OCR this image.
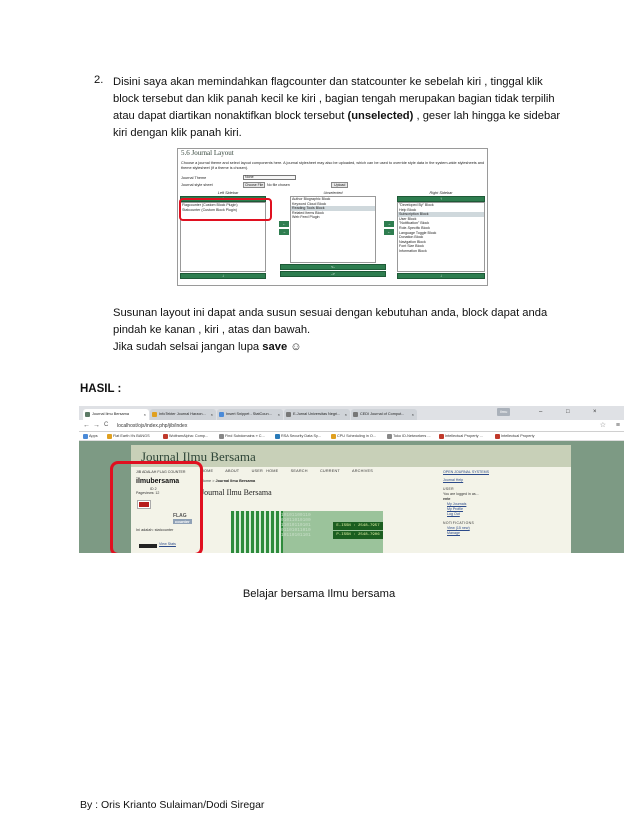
2. Disini saya akan memindahkan flagcounter dan statcounter ke sebelah kiri , tinggal klik
block tersebut dan klik panah kecil ke kiri , bagian tengah merupakan bagian tidak terpilih
atau dapat diartikan nonaktifkan block tersebut (unselected) , geser lah hingga ke sidebar
kiri dengan klik panah kiri.
5.6 Journal Layout
Choose a journal theme and select layout components here. A journal stylesheet may also be uploaded, which can be used to override style data in the system-wide stylesheets and theme stylesheet (if a theme is chosen).
Journal Theme	None
Journal style sheet	Choose File	No file chosen	Upload
Left Sidebar	Unselected	Right Sidebar
↑
Flagcounter (Custom Block Plugin)
Statcounter (Custom Block Plugin)
↓
←
→
Author Biographic Block
Keyword Cloud Block
Reading Tools Block
Related Items Block
Web Feed Plugin
<-
->
→
←
↑
"Developed By" Block
Help Block
Subscription Block
User Block
"Notification" Block
Role-Specific Block
Language Toggle Block
Donation Block
Navigation Block
Font Size Block
Information Block
↓
Susunan layout ini dapat anda susun sesuai dengan kebutuhan anda, block dapat anda
pindah ke kanan , kiri , atas dan bawah.
Jika sudah selsai jangan lupa save ☺
HASIL :
Journal Ilmu Bersama	×	InfoTekter Journal Harzon... ×	Insert Snippet - StatCoun... ×	E-Jurnal Universitas Negri... ×	CEDI Journal of Comput... ×
ilmu	–	□	×
← → C localhost/ojs/index.php/jib/index	☆ ≡
Apps	Flat Earth It's BANGS	WolframAlpha: Comp...	Find Subdomains » C...	RSA Security Data Sy...	CPU Scheduling in O...	Toko ID-Networkers ...	Intellectual Property ...	Intellectual Property
Journal Ilmu Bersama
JIB ADALAH FLAG COUNTER
ilmubersama
ID 2
Pageviews: 12
FLAG counter
Ini adalah: statcounter
View Stats
HOME	ABOUT	USER HOME	SEARCH	CURRENT	ARCHIVES
Home > Journal Ilmu Bersama
Journal Ilmu Bersama
10101100110 01011010100 11010110101 01101011010 10110101101
E-ISSN : 2548-7957
P-ISSN : 2548-7906
OPEN JOURNAL SYSTEMS
Journal Help
USER
You are logged in as...
ente
My Journals
My Profile
Log Out
NOTIFICATIONS
View (15 new)
Manage
Belajar bersama Ilmu bersama
By : Oris Krianto Sulaiman/Dodi Siregar
